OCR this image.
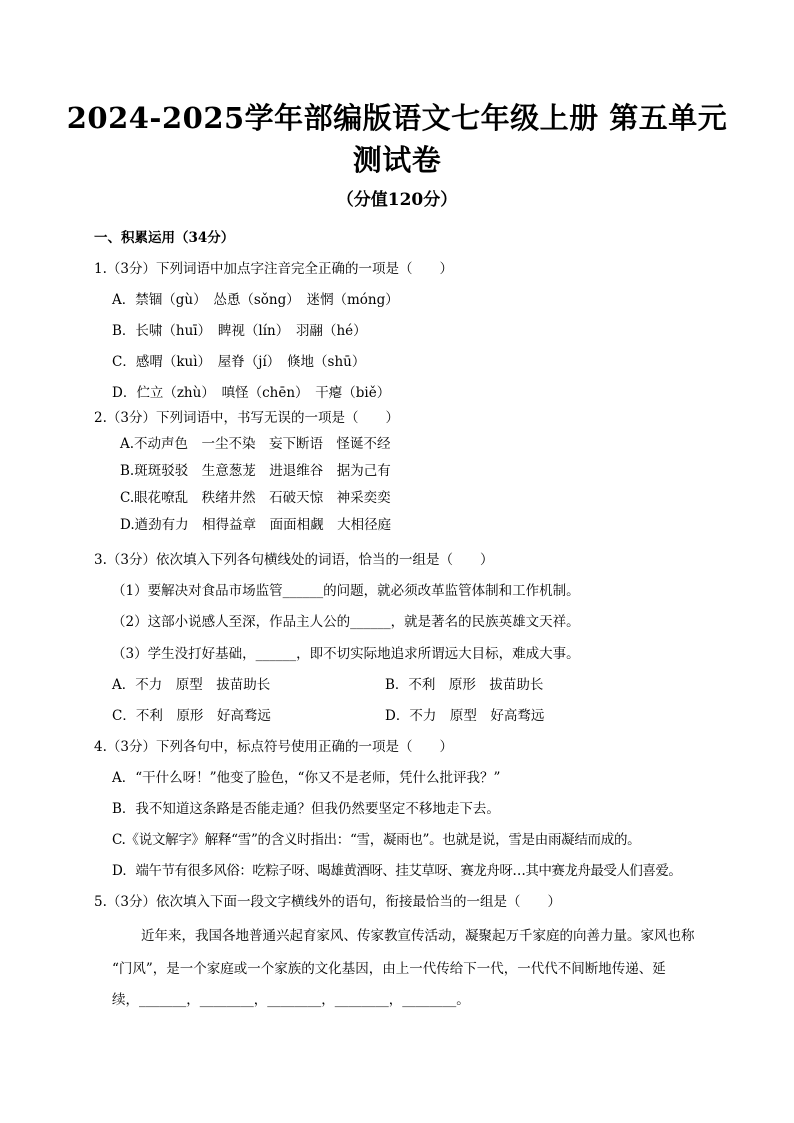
2024-2025学年部编版语文七年级上册 第五单元
测试卷
（分值120分）
一、积累运用（34分）
1.（3分）下列词语中加点字注音完全正确的一项是（　　）
A．禁锢（gù）　怂恿（sǒng）　迷惘（móng）
B．长啸（huī）　睥视（lín）　羽翮（hé）
C．感喟（kuì）　屋脊（jí）　倏地（shū）
D．伫立（zhù）　嗔怪（chēn）　干瘪（biě）
2.（3分）下列词语中，书写无误的一项是（　　）
A.不动声色　一尘不染　妄下断语　怪诞不经
B.斑斑驳驳　生意葱茏　进退维谷　据为己有
C.眼花嘹乱　秩绪井然　石破天惊　神采奕奕
D.遒劲有力　相得益章　面面相觑　大相径庭
3.（3分）依次填入下列各句横线处的词语，恰当的一组是（　　）
（1）要解决对食品市场监管______的问题，就必须改革监管体制和工作机制。
（2）这部小说感人至深，作品主人公的______，就是著名的民族英雄文天祥。
（3）学生没打好基础，______，即不切实际地追求所谓远大目标，难成大事。
A．不力　原型　拔苗助长	B．不利　原形　拔苗助长
C．不利　原形　好高骛远	D．不力　原型　好高骛远
4.（3分）下列各句中，标点符号使用正确的一项是（　　）
A．“干什么呀！”他变了脸色，“你又不是老师，凭什么批评我？”
B．我不知道这条路是否能走通？但我仍然要坚定不移地走下去。
C.《说文解字》解释“雪”的含义时指出：“雪，凝雨也”。也就是说，雪是由雨凝结而成的。
D．端午节有很多风俗：吃粽子呀、喝雄黄酒呀、挂艾草呀、赛龙舟呀…其中赛龙舟最受人们喜爱。
5.（3分）依次填入下面一段文字横线外的语句，衔接最恰当的一组是（　　）
近年来，我国各地普通兴起育家风、传家教宣传活动，凝聚起万千家庭的向善力量。家风也称
“门风”，是一个家庭或一个家族的文化基因，由上一代传给下一代，一代代不间断地传递、延
续，_______，________，________，________，________。
